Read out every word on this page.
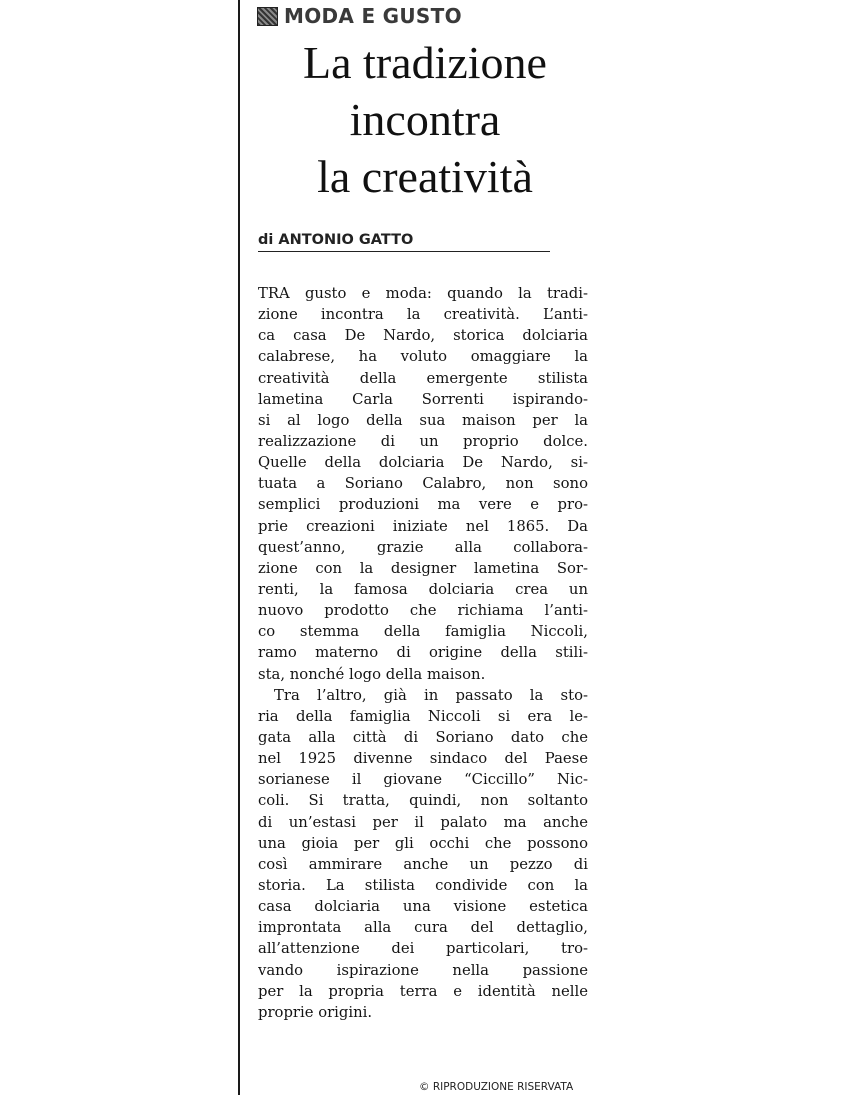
MODA E GUSTO
La tradizione
incontra
la creatività
di ANTONIO GATTO
TRA gusto e moda: quando la tradi-
zione incontra la creatività. L’anti-
ca casa De Nardo, storica dolciaria
calabrese, ha voluto omaggiare la
creatività della emergente stilista
lametina Carla Sorrenti ispirando-
si al logo della sua maison per la
realizzazione di un proprio dolce.
Quelle della dolciaria De Nardo, si-
tuata a Soriano Calabro, non sono
semplici produzioni ma vere e pro-
prie creazioni iniziate nel 1865. Da
quest’anno, grazie alla collabora-
zione con la designer lametina Sor-
renti, la famosa dolciaria crea un
nuovo prodotto che richiama l’anti-
co stemma della famiglia Niccoli,
ramo materno di origine della stili-
sta, nonché logo della maison.
Tra l’altro, già in passato la sto-
ria della famiglia Niccoli si era le-
gata alla città di Soriano dato che
nel 1925 divenne sindaco del Paese
sorianese il giovane “Ciccillo” Nic-
coli. Si tratta, quindi, non soltanto
di un’estasi per il palato ma anche
una gioia per gli occhi che possono
così ammirare anche un pezzo di
storia. La stilista condivide con la
casa dolciaria una visione estetica
improntata alla cura del dettaglio,
all’attenzione dei particolari, tro-
vando ispirazione nella passione
per la propria terra e identità nelle
proprie origini.
© RIPRODUZIONE RISERVATA
